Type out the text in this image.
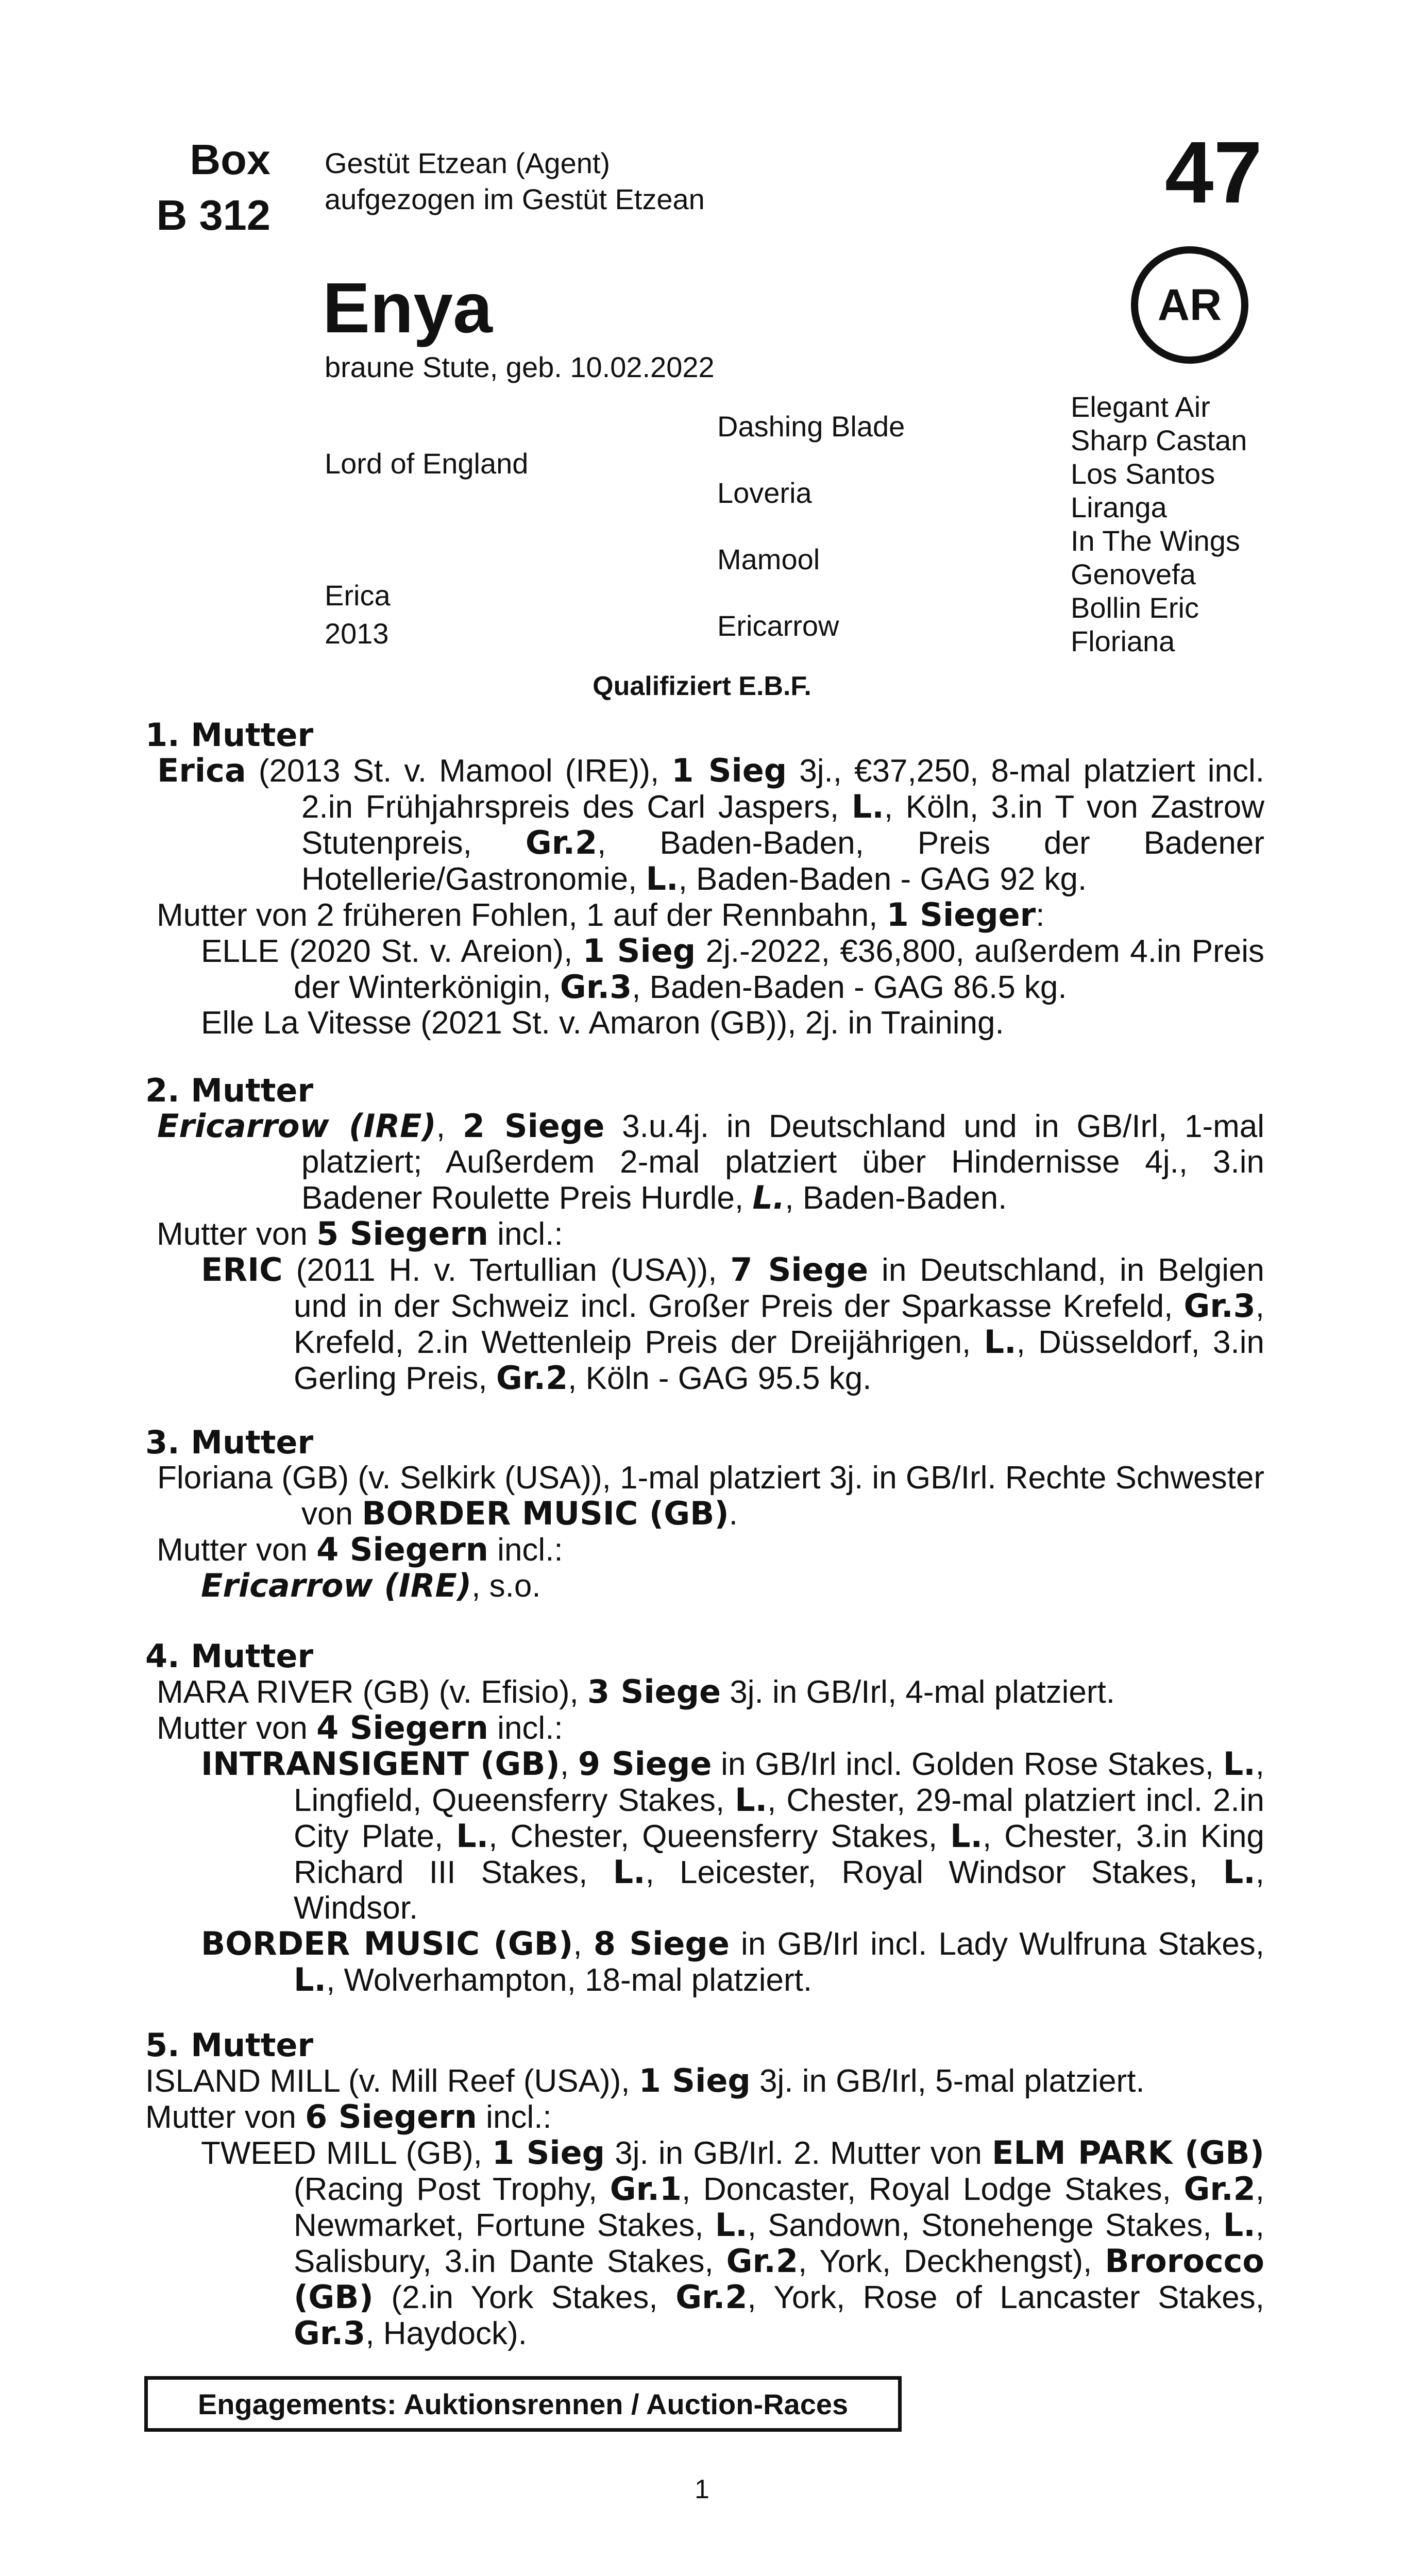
Box
B 312
Gestüt Etzean (Agent)
aufgezogen im Gestüt Etzean	47
AR
Enya
braune Stute, geb. 10.02.2022
Lord of England
Erica
2013
Dashing Blade
Loveria
Mamool
Ericarrow
Elegant Air
Sharp Castan
Los Santos
Liranga
In The Wings
Genovefa
Bollin Eric
Floriana
Qualifiziert E.B.F.
1. Mutter

Erica (2013 St. v. Mamool (IRE)), 1 Sieg 3j., €37,250, 8-mal platziert incl. 2.in Frühjahrspreis des Carl Jaspers, L., Köln, 3.in T von Zastrow Stutenpreis, Gr.2, Baden-Baden, Preis der Badener Hotellerie/Gastronomie, L., Baden-Baden - GAG 92 kg.

Mutter von 2 früheren Fohlen, 1 auf der Rennbahn, 1 Sieger:

ELLE (2020 St. v. Areion), 1 Sieg 2j.-2022, €36,800, außerdem 4.in Preis der Winterkönigin, Gr.3, Baden-Baden - GAG 86.5 kg.

Elle La Vitesse (2021 St. v. Amaron (GB)), 2j. in Training.

2. Mutter

Ericarrow (IRE), 2 Siege 3.u.4j. in Deutschland und in GB/Irl, 1-mal platziert; Außerdem 2-mal platziert über Hindernisse 4j., 3.in Badener Roulette Preis Hurdle, L., Baden-Baden.

Mutter von 5 Siegern incl.:

ERIC (2011 H. v. Tertullian (USA)), 7 Siege in Deutschland, in Belgien und in der Schweiz incl. Großer Preis der Sparkasse Krefeld, Gr.3, Krefeld, 2.in Wettenleip Preis der Dreijährigen, L., Düsseldorf, 3.in Gerling Preis, Gr.2, Köln - GAG 95.5 kg.

3. Mutter

Floriana (GB) (v. Selkirk (USA)), 1-mal platziert 3j. in GB/Irl. Rechte Schwester von BORDER MUSIC (GB).

Mutter von 4 Siegern incl.:

Ericarrow (IRE), s.o.

4. Mutter

MARA RIVER (GB) (v. Efisio), 3 Siege 3j. in GB/Irl, 4-mal platziert.

Mutter von 4 Siegern incl.:

INTRANSIGENT (GB), 9 Siege in GB/Irl incl. Golden Rose Stakes, L., Lingfield, Queensferry Stakes, L., Chester, 29-mal platziert incl. 2.in City Plate, L., Chester, Queensferry Stakes, L., Chester, 3.in King Richard III Stakes, L., Leicester, Royal Windsor Stakes, L., Windsor.

BORDER MUSIC (GB), 8 Siege in GB/Irl incl. Lady Wulfruna Stakes, L., Wolverhampton, 18-mal platziert.

5. Mutter

ISLAND MILL (v. Mill Reef (USA)), 1 Sieg 3j. in GB/Irl, 5-mal platziert.

Mutter von 6 Siegern incl.:

TWEED MILL (GB), 1 Sieg 3j. in GB/Irl. 2. Mutter von ELM PARK (GB) (Racing Post Trophy, Gr.1, Doncaster, Royal Lodge Stakes, Gr.2, Newmarket, Fortune Stakes, L., Sandown, Stonehenge Stakes, L., Salisbury, 3.in Dante Stakes, Gr.2, York, Deckhengst), Brorocco (GB) (2.in York Stakes, Gr.2, York, Rose of Lancaster Stakes, Gr.3, Haydock).

Engagements: Auktionsrennen / Auction-Races
1
